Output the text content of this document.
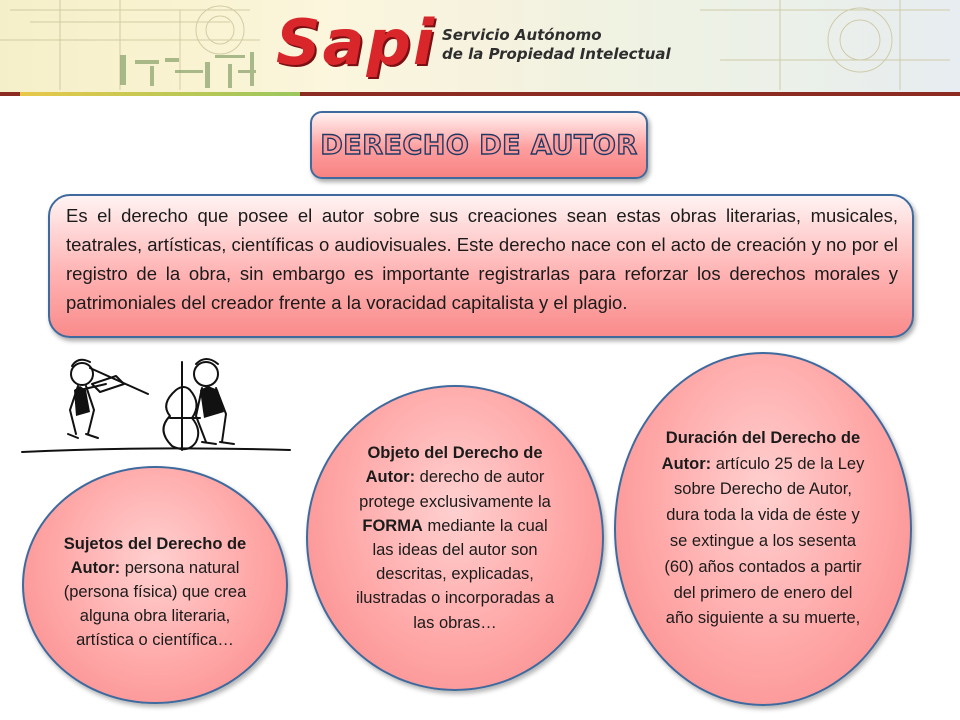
Sapi Servicio Autónomo
de la Propiedad Intelectual
DERECHO DE AUTOR

Es el derecho que posee el autor sobre sus creaciones sean estas obras literarias, musicales, teatrales, artísticas, científicas o audiovisuales. Este derecho nace con el acto de creación y no por el registro de la obra, sin embargo es importante registrarlas para reforzar los derechos morales y patrimoniales del creador frente a la voracidad capitalista y el plagio.

Sujetos del Derecho de Autor: persona natural (persona física) que crea alguna obra literaria, artística o científica…

Objeto del Derecho de Autor: derecho de autor protege exclusivamente la FORMA mediante la cual las ideas del autor son descritas, explicadas, ilustradas o incorporadas a las obras…

Duración del Derecho de Autor: artículo 25 de la Ley sobre Derecho de Autor, dura toda la vida de éste y se extingue a los sesenta (60) años contados a partir del primero de enero del año siguiente a su muerte,
